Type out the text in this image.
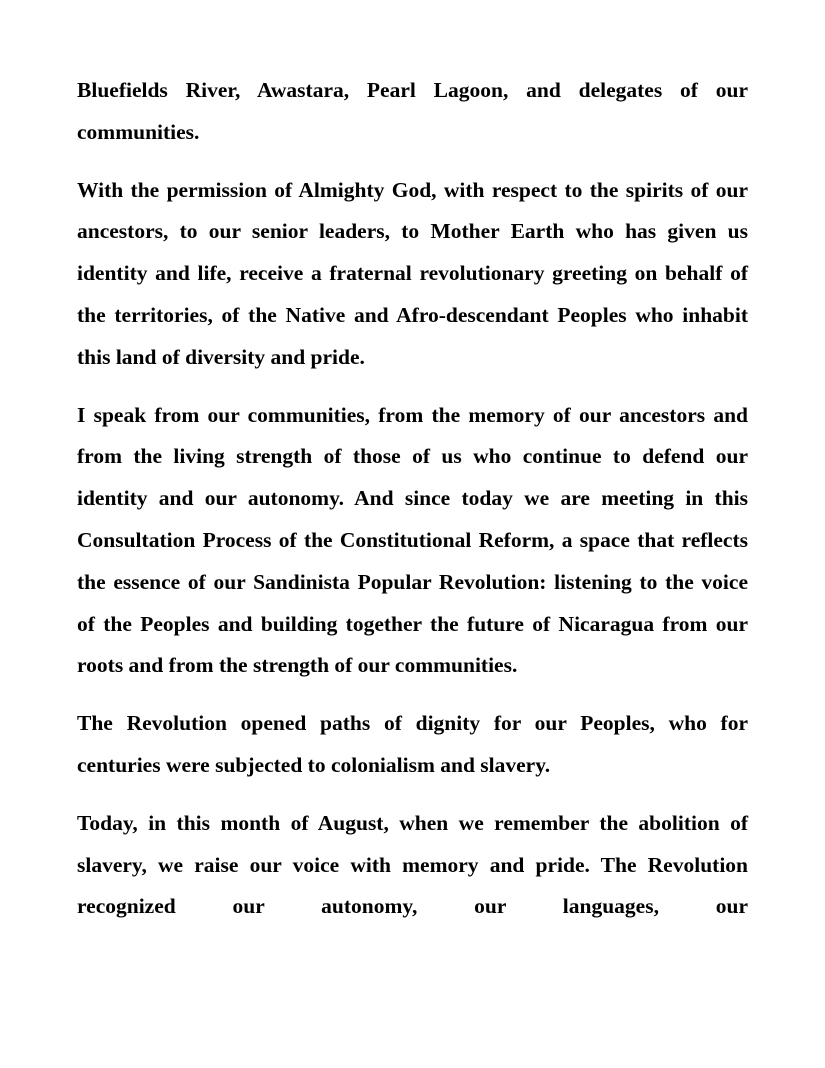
Bluefields River, Awastara, Pearl Lagoon, and delegates of our communities.

With the permission of Almighty God, with respect to the spirits of our ancestors, to our senior leaders, to Mother Earth who has given us identity and life, receive a fraternal revolutionary greeting on behalf of the territories, of the Native and Afro-descendant Peoples who inhabit this land of diversity and pride.

I speak from our communities, from the memory of our ancestors and from the living strength of those of us who continue to defend our identity and our autonomy. And since today we are meeting in this Consultation Process of the Constitutional Reform, a space that reflects the essence of our Sandinista Popular Revolution: listening to the voice of the Peoples and building together the future of Nicaragua from our roots and from the strength of our communities.

The Revolution opened paths of dignity for our Peoples, who for centuries were subjected to colonialism and slavery.

Today, in this month of August, when we remember the abolition of slavery, we raise our voice with memory and pride. The Revolution recognized our autonomy, our languages, our
